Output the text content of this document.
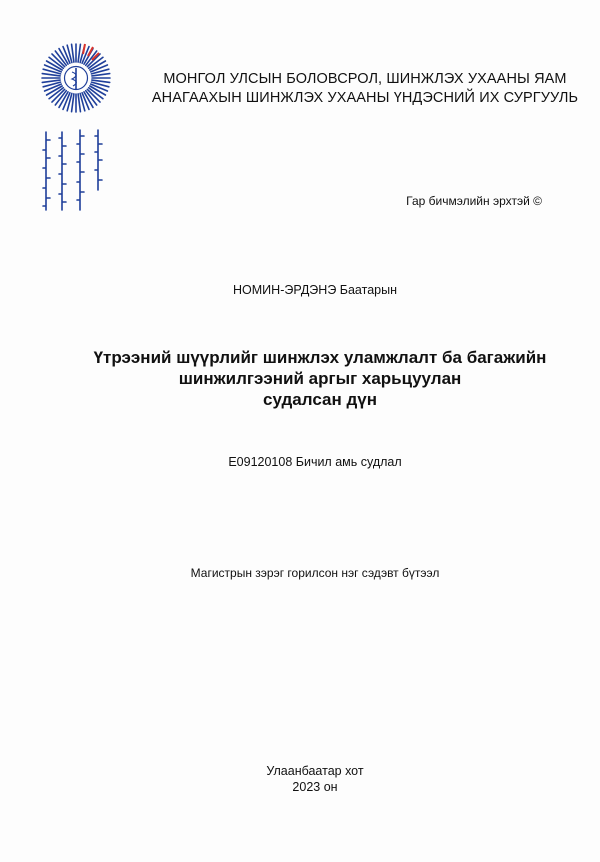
МОНГОЛ УЛСЫН БОЛОВСРОЛ, ШИНЖЛЭХ УХААНЫ ЯАМ
АНАГААХЫН ШИНЖЛЭХ УХААНЫ ҮНДЭСНИЙ ИХ СУРГУУЛЬ
Гар бичмэлийн эрхтэй ©
НОМИН-ЭРДЭНЭ Баатарын
Үтрээний шүүрлийг шинжлэх уламжлалт ба багажийн
шинжилгээний аргыг харьцуулан
судалсан дүн
E09120108 Бичил амь судлал
Магистрын зэрэг горилсон нэг сэдэвт бүтээл
Улаанбаатар хот
2023 он
